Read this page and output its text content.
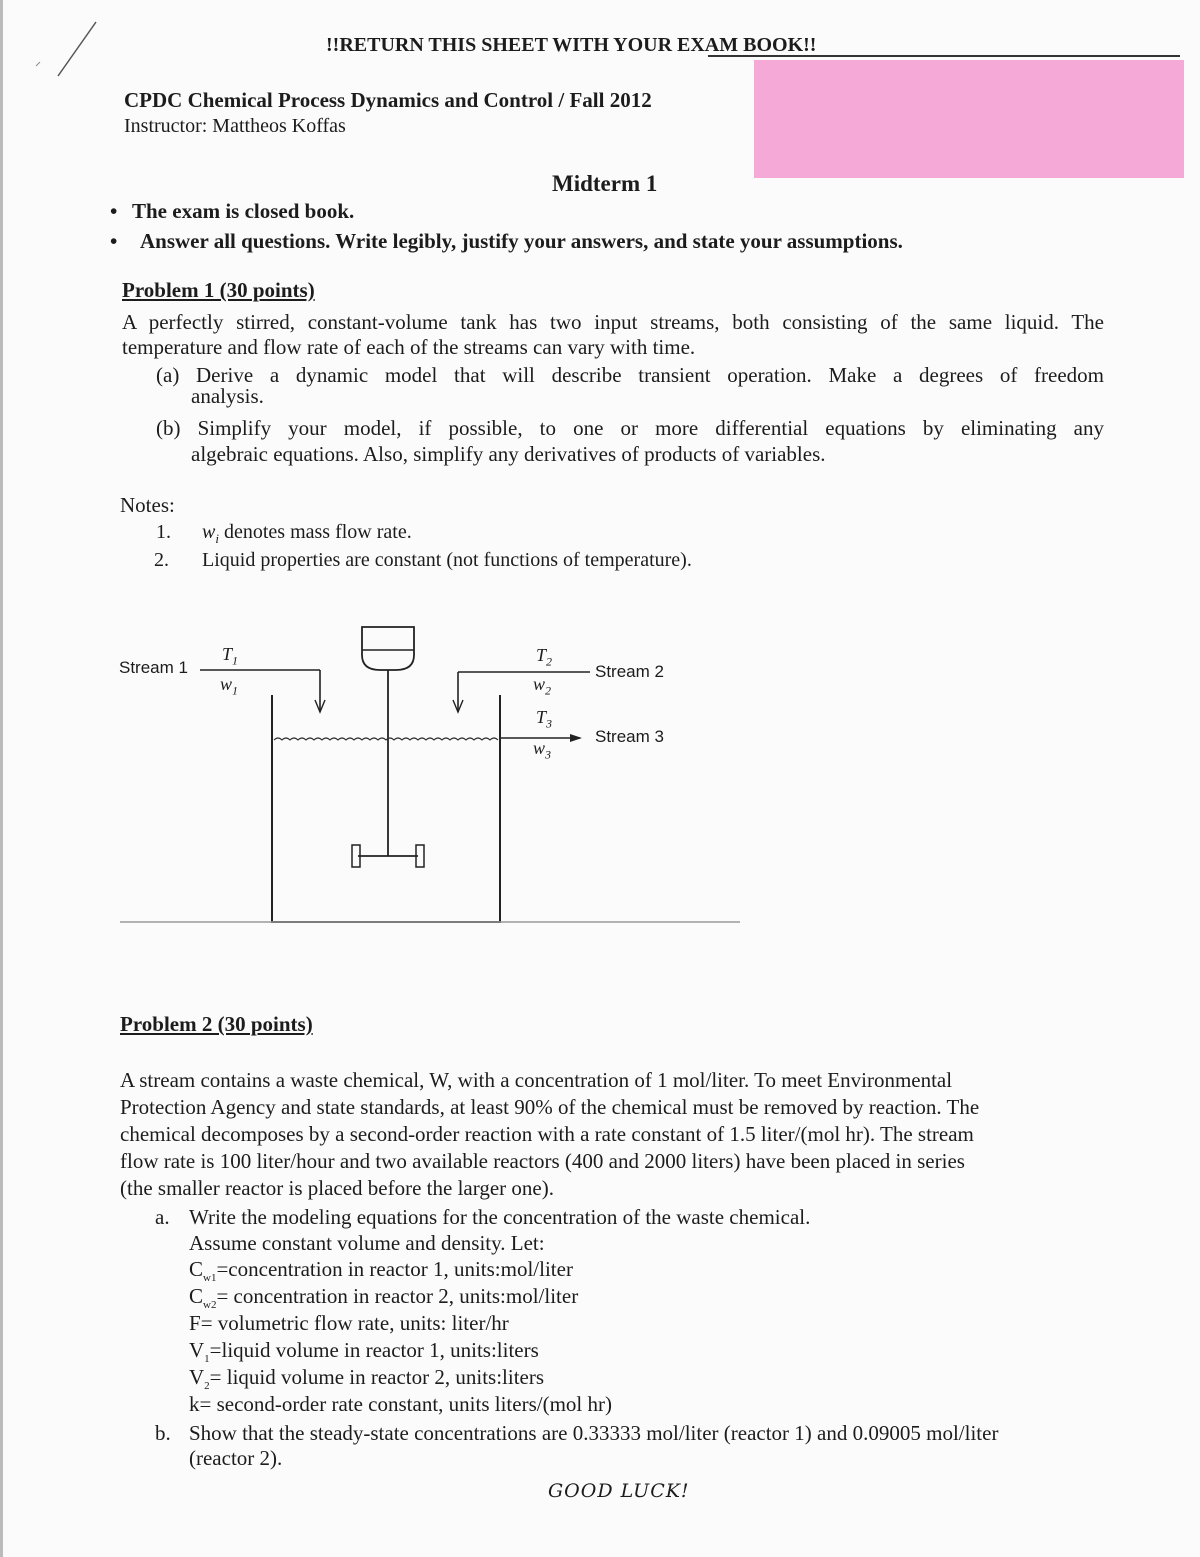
!!RETURN THIS SHEET WITH YOUR EXAM BOOK!!
CPDC Chemical Process Dynamics and Control / Fall 2012
Instructor: Mattheos Koffas
Midterm 1
• The exam is closed book.
• Answer all questions. Write legibly, justify your answers, and state your assumptions.
Problem 1 (30 points)
A perfectly stirred, constant-volume tank has two input streams, both consisting of the same liquid. The
temperature and flow rate of each of the streams can vary with time.
(a) Derive a dynamic model that will describe transient operation. Make a degrees of freedom
analysis.
(b) Simplify your model, if possible, to one or more differential equations by eliminating any
algebraic equations. Also, simplify any derivatives of products of variables.
Notes:
1. $w_i$ denotes mass flow rate.
2. Liquid properties are constant (not functions of temperature).
Stream 1
$T_1$
$w_1$
Stream 2
$T_2$
$w_2$
$T_3$
$w_3$
Stream 3
Problem 2 (30 points)
A stream contains a waste chemical, W, with a concentration of 1 mol/liter. To meet Environmental
Protection Agency and state standards, at least 90% of the chemical must be removed by reaction. The
chemical decomposes by a second-order reaction with a rate constant of 1.5 liter/(mol hr). The stream
flow rate is 100 liter/hour and two available reactors (400 and 2000 liters) have been placed in series
(the smaller reactor is placed before the larger one).
a. Write the modeling equations for the concentration of the waste chemical.
Assume constant volume and density. Let:
$C_{w1}=concentration$ in reactor 1, units:mol/liter
$C_{w2}=$ concentration in reactor 2, units:mol/liter
F= volumetric flow rate, units: liter/hr
$V_1=liquid$ volume in reactor 1, units:liters
$V_2=$ liquid volume in reactor 2, units:liters
k= second-order rate constant, units liters/(mol hr)
b. Show that the steady-state concentrations are 0.33333 mol/liter (reactor 1) and 0.09005 mol/liter
(reactor 2).
GOOD LUCK!
